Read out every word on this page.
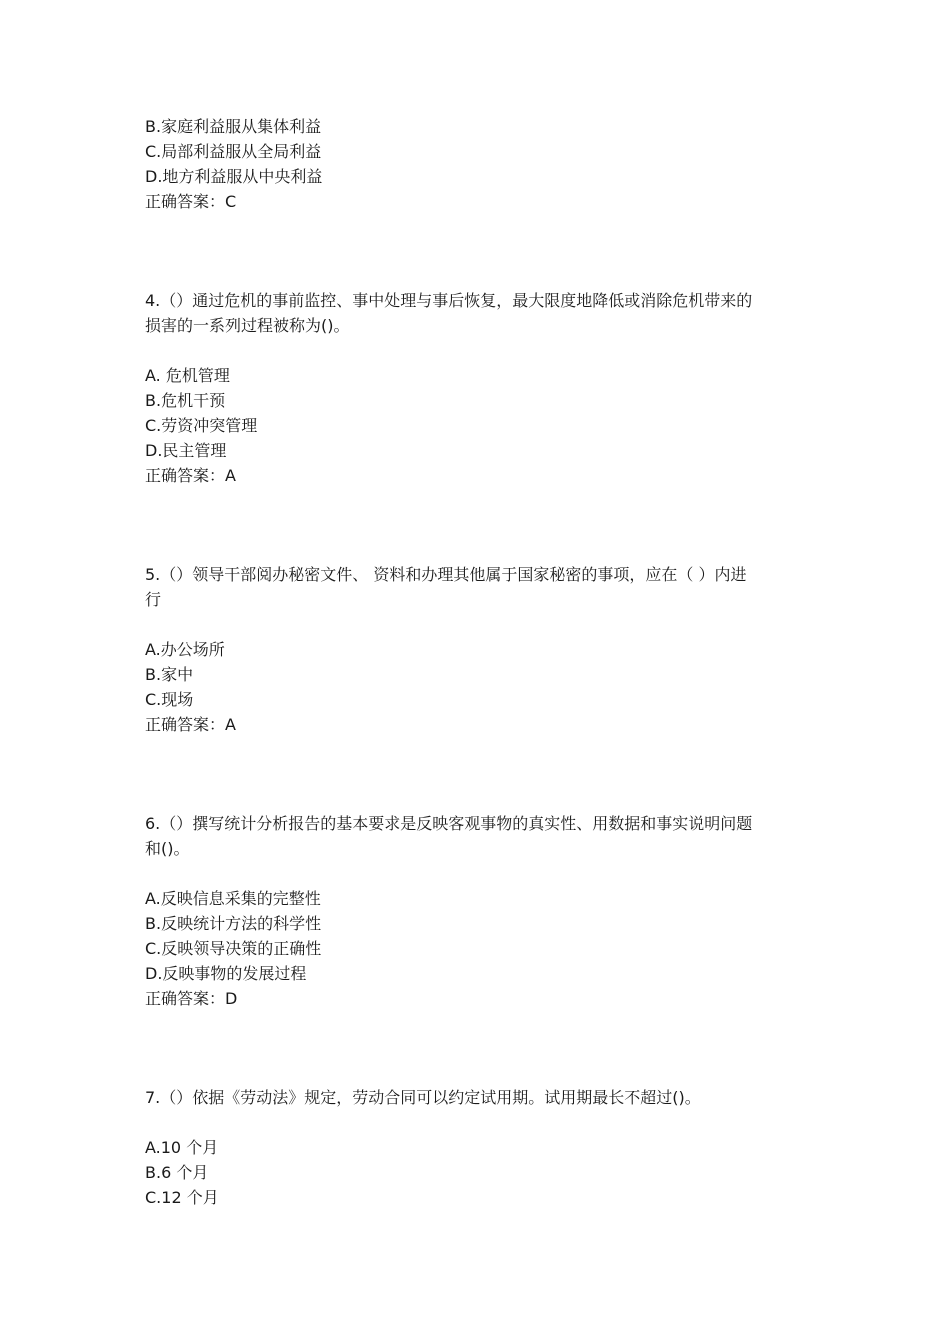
B.家庭利益服从集体利益
C.局部利益服从全局利益
D.地方利益服从中央利益
正确答案：C
4.（）通过危机的事前监控、事中处理与事后恢复，最大限度地降低或消除危机带来的
损害的一系列过程被称为()。
A. 危机管理
B.危机干预
C.劳资冲突管理
D.民主管理
正确答案：A
5.（）领导干部阅办秘密文件、 资料和办理其他属于国家秘密的事项，应在（ ）内进
行
A.办公场所
B.家中
C.现场
正确答案：A
6.（）撰写统计分析报告的基本要求是反映客观事物的真实性、用数据和事实说明问题
和()。
A.反映信息采集的完整性
B.反映统计方法的科学性
C.反映领导决策的正确性
D.反映事物的发展过程
正确答案：D
7.（）依据《劳动法》规定，劳动合同可以约定试用期。试用期最长不超过()。
A.10 个月
B.6 个月
C.12 个月
